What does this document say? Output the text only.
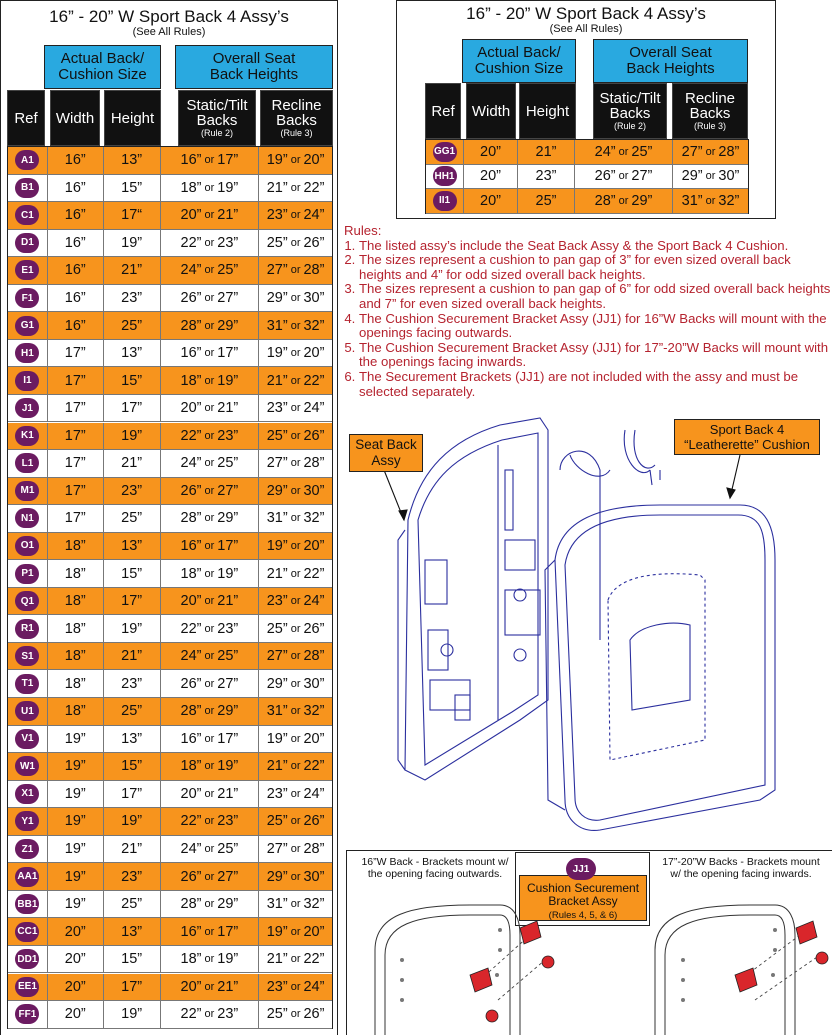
16” - 20” W Sport Back 4 Assy’s
(See All Rules)
Actual Back/
Cushion Size
Overall Seat
Back Heights
Ref Width Height
Static/Tilt
Backs
(Rule 2)
Recline
Backs
(Rule 3)
A1	16” 13”	16” or 17” 19” or 20”
B1	16” 15”	18” or 19” 21” or 22”
C1	16” 17“	20” or 21” 23” or 24”
D1	16” 19”	22” or 23” 25” or 26”
E1	16” 21”	24” or 25” 27” or 28”
F1	16” 23”	26” or 27” 29” or 30”
G1	16” 25”	28” or 29” 31” or 32”
H1	17” 13”	16” or 17” 19” or 20”
I1	17” 15”	18” or 19” 21” or 22”
J1	17” 17”	20” or 21” 23” or 24”
K1	17” 19”	22” or 23” 25” or 26”
L1	17” 21”	24” or 25” 27” or 28”
M1	17” 23”	26” or 27” 29” or 30”
N1	17” 25”	28” or 29” 31” or 32”
O1	18” 13”	16” or 17” 19” or 20”
P1	18” 15”	18” or 19” 21” or 22”
Q1	18” 17”	20” or 21” 23” or 24”
R1	18” 19”	22” or 23” 25” or 26”
S1	18” 21”	24” or 25” 27” or 28”
T1	18” 23”	26” or 27” 29” or 30”
U1	18” 25”	28” or 29” 31” or 32”
V1	19” 13”	16” or 17” 19” or 20”
W1	19” 15”	18” or 19” 21” or 22”
X1	19” 17”	20” or 21” 23” or 24”
Y1	19” 19”	22” or 23” 25” or 26”
Z1	19” 21”	24” or 25” 27” or 28”
AA1 19” 23”	26” or 27” 29” or 30”
BB1 19” 25”	28” or 29” 31” or 32”
CC1 20” 13”	16” or 17” 19” or 20”
DD1 20” 15”	18” or 19” 21” or 22”
EE1 20” 17”	20” or 21” 23” or 24”
FF1 20” 19”	22” or 23” 25” or 26”
16” - 20” W Sport Back 4 Assy’s
(See All Rules)
Actual Back/
Cushion Size
Overall Seat
Back Heights
Ref Width Height
Static/Tilt
Backs
(Rule 2)
Recline
Backs
(Rule 3)
GG1 20” 21”	24” or 25” 27” or 28”
HH1 20” 23”	26” or 27” 29” or 30”
II1	20” 25”	28” or 29” 31” or 32”
Rules:
1. The listed assy’s include the Seat Back Assy & the Sport Back 4 Cushion.
2. The sizes represent a cushion to pan gap of 3” for even sized overall back heights and 4” for odd sized overall back heights.
3. The sizes represent a cushion to pan gap of 6” for odd sized overall back heights and 7” for even sized overall back heights.
4. The Cushion Securement Bracket Assy (JJ1) for 16”W Backs will mount with the openings facing outwards.
5. The Cushion Securement Bracket Assy (JJ1) for 17”-20”W Backs will mount with the openings facing inwards.
6. The Securement Brackets (JJ1) are not included with the assy and must be selected separately.
Seat Back
Assy
Sport Back 4
“Leatherette” Cushion
16”W Back - Brackets mount w/
the opening facing outwards.
17”-20”W Backs - Brackets mount
w/ the opening facing inwards.
Cushion Securement
Bracket Assy
(Rules 4, 5, & 6)
JJ1
